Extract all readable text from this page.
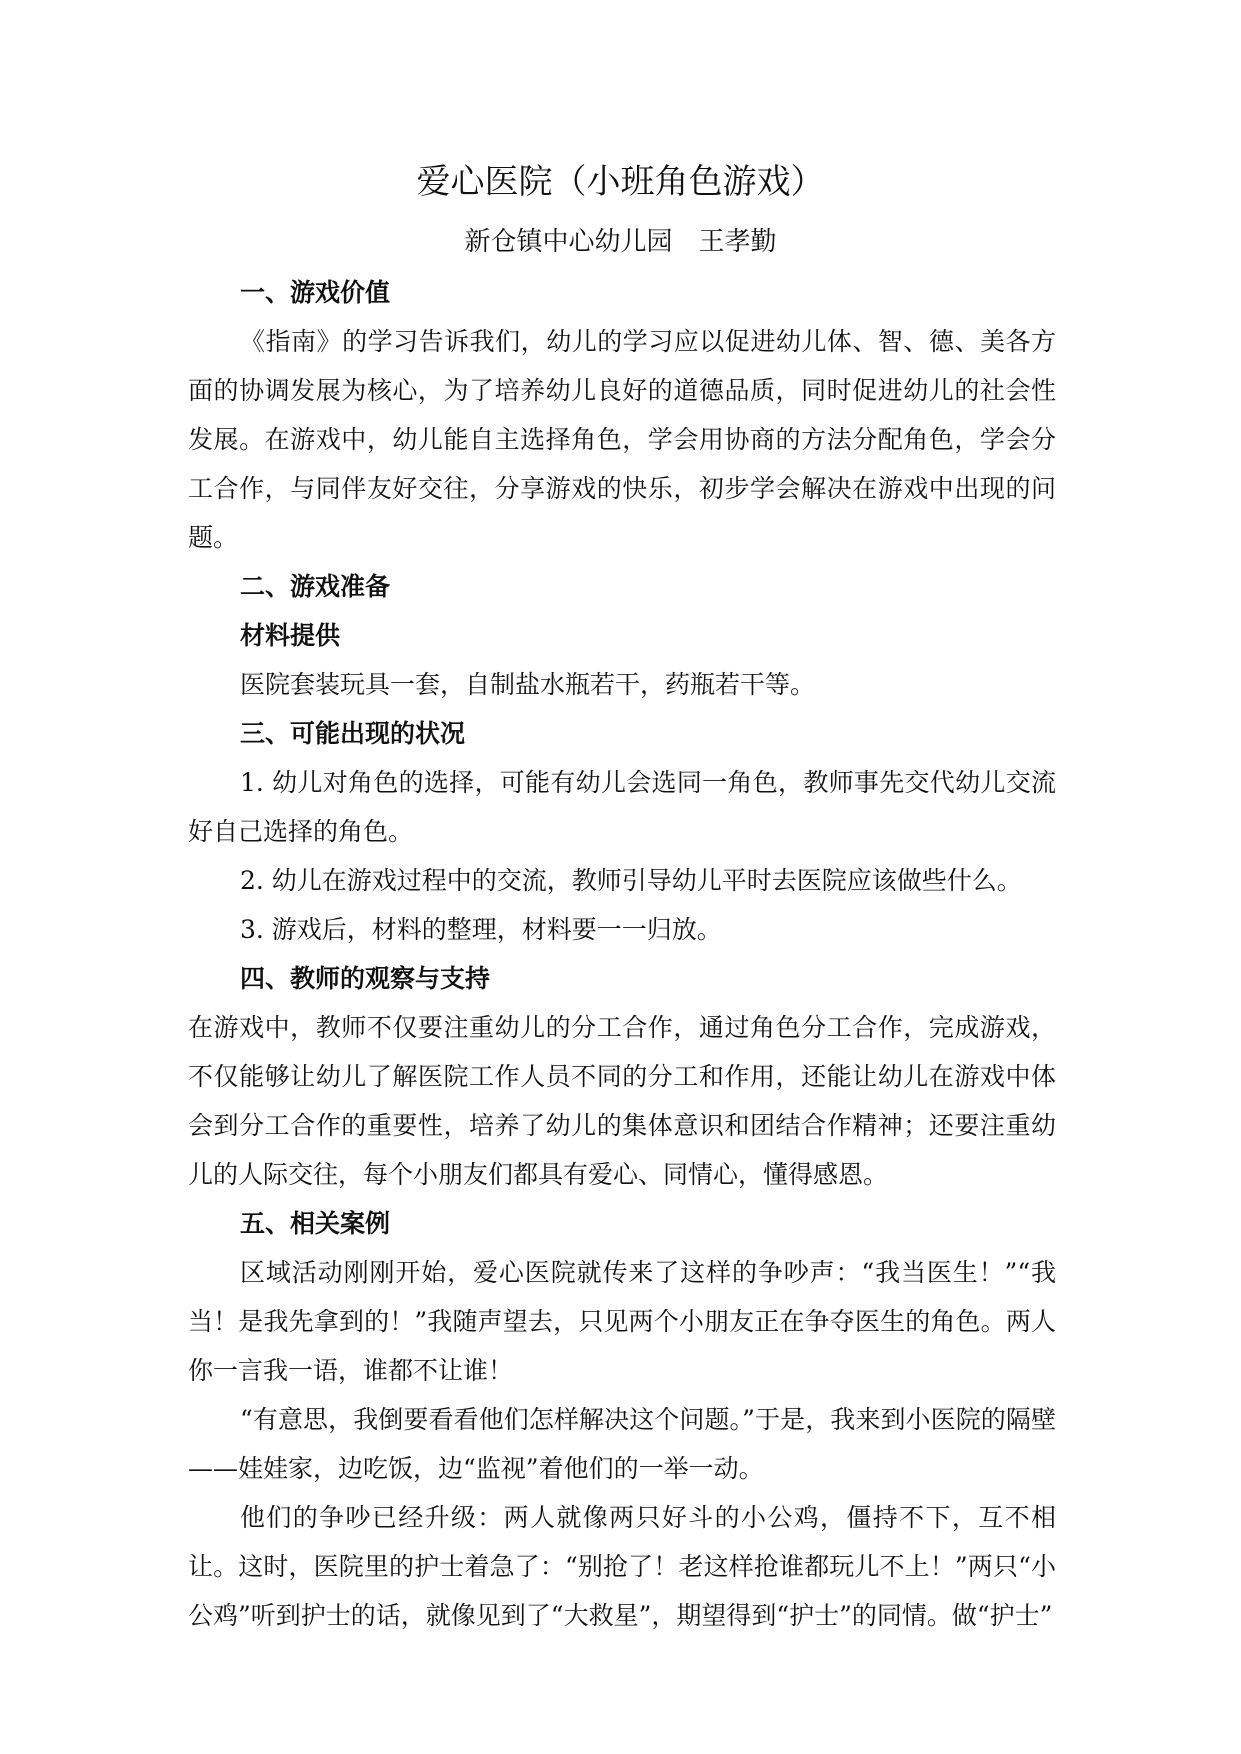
爱心医院（小班角色游戏）
新仓镇中心幼儿园　王孝勤
一、游戏价值

《指南》的学习告诉我们，幼儿的学习应以促进幼儿体、智、德、美各方面的协调发展为核心，为了培养幼儿良好的道德品质，同时促进幼儿的社会性发展。在游戏中，幼儿能自主选择角色，学会用协商的方法分配角色，学会分工合作，与同伴友好交往，分享游戏的快乐，初步学会解决在游戏中出现的问题。

二、游戏准备
材料提供

医院套装玩具一套，自制盐水瓶若干，药瓶若干等。

三、可能出现的状况

1. 幼儿对角色的选择，可能有幼儿会选同一角色，教师事先交代幼儿交流好自己选择的角色。

2. 幼儿在游戏过程中的交流，教师引导幼儿平时去医院应该做些什么。

3. 游戏后，材料的整理，材料要一一归放。

四、教师的观察与支持

在游戏中，教师不仅要注重幼儿的分工合作，通过角色分工合作，完成游戏，不仅能够让幼儿了解医院工作人员不同的分工和作用，还能让幼儿在游戏中体会到分工合作的重要性，培养了幼儿的集体意识和团结合作精神；还要注重幼儿的人际交往，每个小朋友们都具有爱心、同情心，懂得感恩。

五、相关案例

区域活动刚刚开始，爱心医院就传来了这样的争吵声：“我当医生！”“我当！是我先拿到的！”我随声望去，只见两个小朋友正在争夺医生的角色。两人你一言我一语，谁都不让谁！

“有意思，我倒要看看他们怎样解决这个问题。”于是，我来到小医院的隔壁——娃娃家，边吃饭，边“监视”着他们的一举一动。

他们的争吵已经升级：两人就像两只好斗的小公鸡，僵持不下，互不相让。这时，医院里的护士着急了：“别抢了！老这样抢谁都玩儿不上！”两只“小公鸡”听到护士的话，就像见到了“大救星”，期望得到“护士”的同情。做“护士”
